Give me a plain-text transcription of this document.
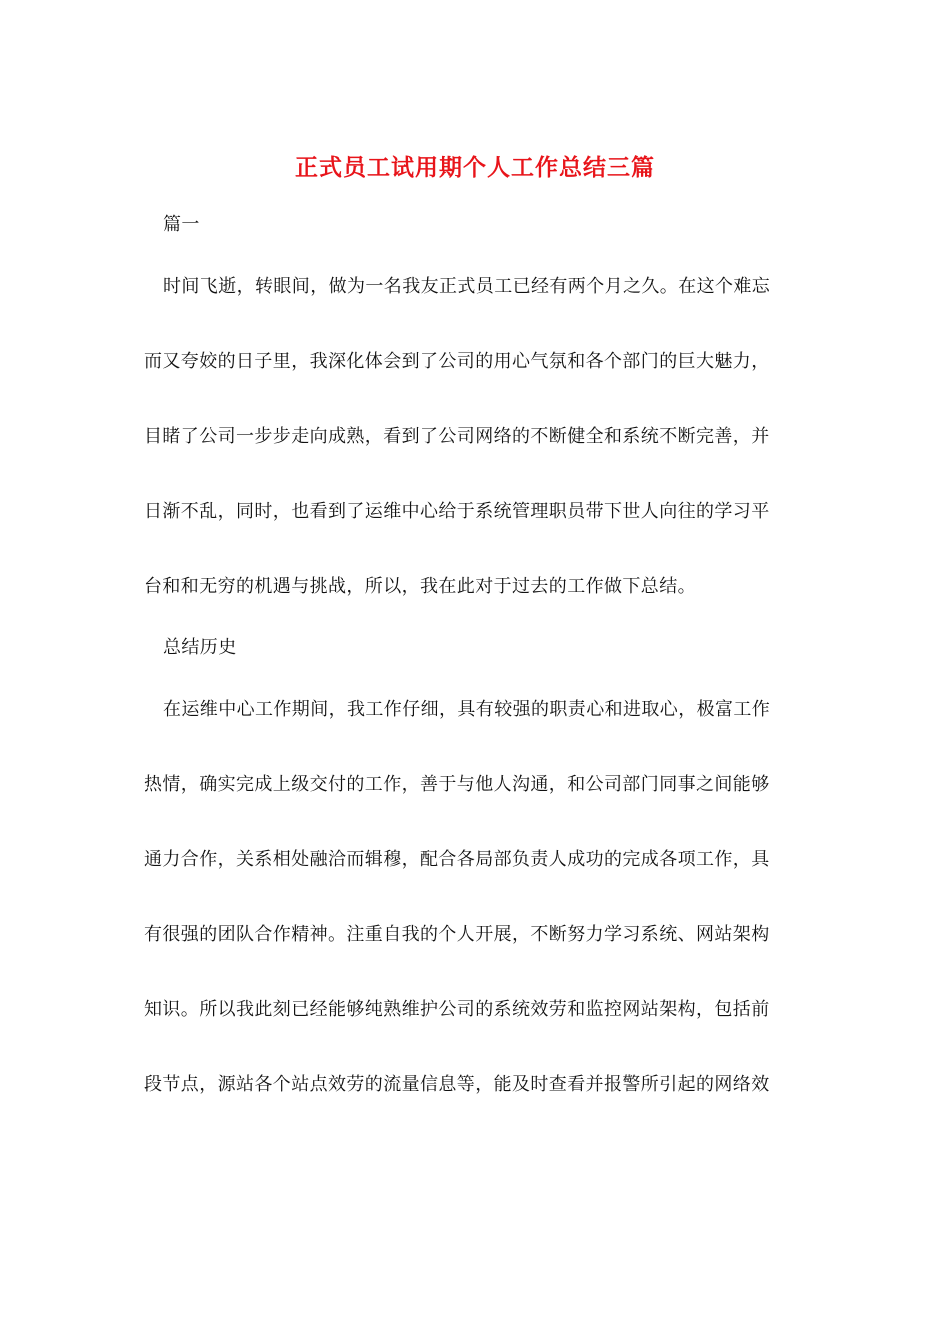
正式员工试用期个人工作总结三篇
篇一
时间飞逝，转眼间，做为一名我友正式员工已经有两个月之久。在这个难忘
而又夸姣的日子里，我深化体会到了公司的用心气氛和各个部门的巨大魅力，
目睹了公司一步步走向成熟，看到了公司网络的不断健全和系统不断完善，并
日渐不乱，同时，也看到了运维中心给于系统管理职员带下世人向往的学习平
台和和无穷的机遇与挑战，所以，我在此对于过去的工作做下总结。
总结历史
在运维中心工作期间，我工作仔细，具有较强的职责心和进取心，极富工作
热情，确实完成上级交付的工作，善于与他人沟通，和公司部门同事之间能够
通力合作，关系相处融洽而辑穆，配合各局部负责人成功的完成各项工作，具
有很强的团队合作精神。注重自我的个人开展，不断努力学习系统、网站架构
知识。所以我此刻已经能够纯熟维护公司的系统效劳和监控网站架构，包括前
段节点，源站各个站点效劳的流量信息等，能及时查看并报警所引起的网络效
